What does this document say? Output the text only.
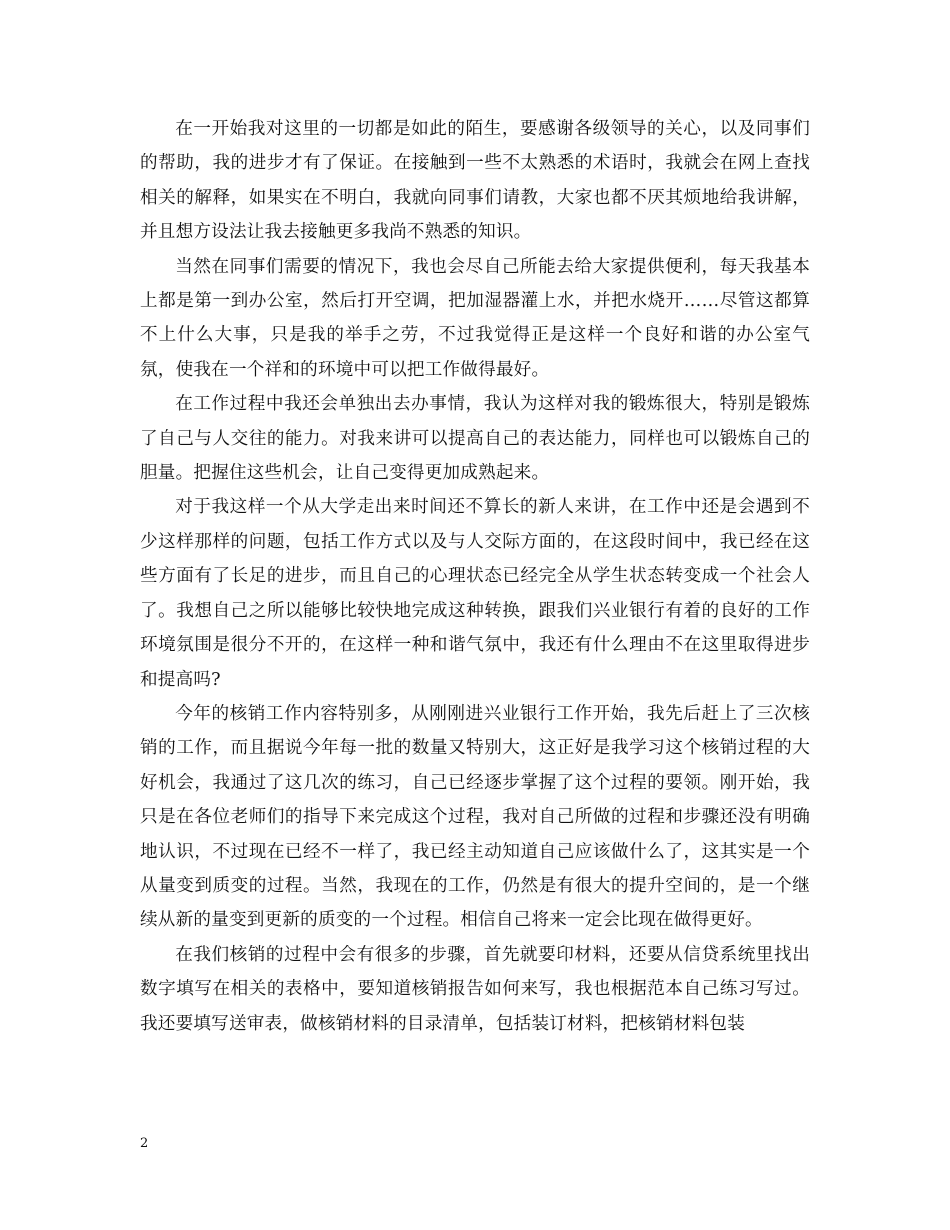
在一开始我对这里的一切都是如此的陌生，要感谢各级领导的关心，以及同事们的帮助，我的进步才有了保证。在接触到一些不太熟悉的术语时，我就会在网上查找相关的解释，如果实在不明白，我就向同事们请教，大家也都不厌其烦地给我讲解，并且想方设法让我去接触更多我尚不熟悉的知识。

当然在同事们需要的情况下，我也会尽自己所能去给大家提供便利，每天我基本上都是第一到办公室，然后打开空调，把加湿器灌上水，并把水烧开……尽管这都算不上什么大事，只是我的举手之劳，不过我觉得正是这样一个良好和谐的办公室气氛，使我在一个祥和的环境中可以把工作做得最好。

在工作过程中我还会单独出去办事情，我认为这样对我的锻炼很大，特别是锻炼了自己与人交往的能力。对我来讲可以提高自己的表达能力，同样也可以锻炼自己的胆量。把握住这些机会，让自己变得更加成熟起来。

对于我这样一个从大学走出来时间还不算长的新人来讲，在工作中还是会遇到不少这样那样的问题，包括工作方式以及与人交际方面的，在这段时间中，我已经在这些方面有了长足的进步，而且自己的心理状态已经完全从学生状态转变成一个社会人了。我想自己之所以能够比较快地完成这种转换，跟我们兴业银行有着的良好的工作环境氛围是很分不开的，在这样一种和谐气氛中，我还有什么理由不在这里取得进步和提高吗?

今年的核销工作内容特别多，从刚刚进兴业银行工作开始，我先后赶上了三次核销的工作，而且据说今年每一批的数量又特别大，这正好是我学习这个核销过程的大好机会，我通过了这几次的练习，自己已经逐步掌握了这个过程的要领。刚开始，我只是在各位老师们的指导下来完成这个过程，我对自己所做的过程和步骤还没有明确地认识，不过现在已经不一样了，我已经主动知道自己应该做什么了，这其实是一个从量变到质变的过程。当然，我现在的工作，仍然是有很大的提升空间的，是一个继续从新的量变到更新的质变的一个过程。相信自己将来一定会比现在做得更好。

在我们核销的过程中会有很多的步骤，首先就要印材料，还要从信贷系统里找出数字填写在相关的表格中，要知道核销报告如何来写，我也根据范本自己练习写过。我还要填写送审表，做核销材料的目录清单，包括装订材料，把核销材料包装

2
